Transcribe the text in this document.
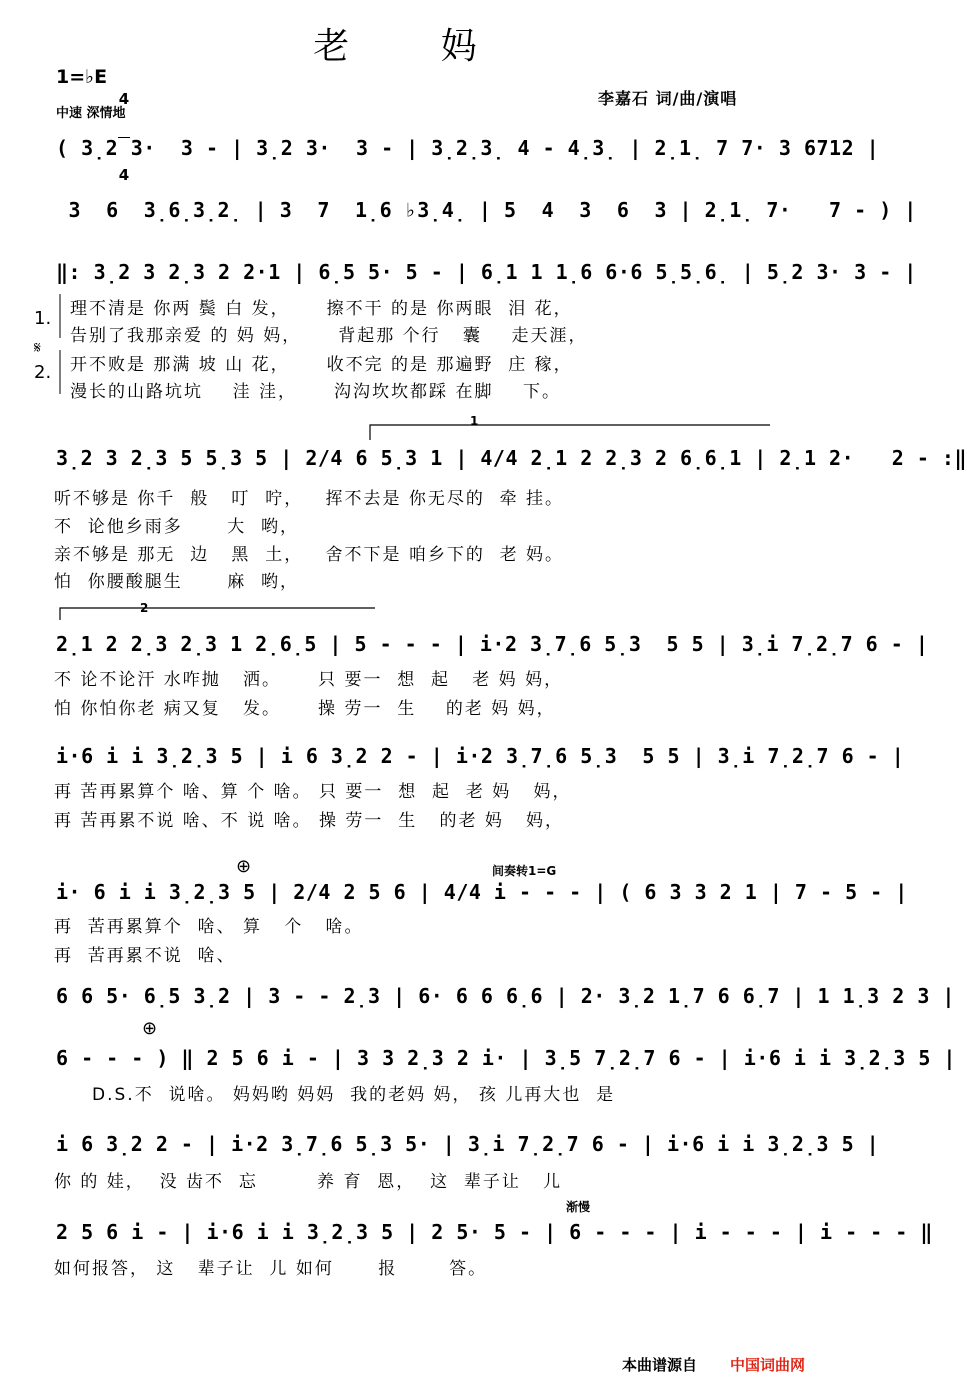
老 妈
1=♭E

4

4

中速 深情地
李嘉石 词/曲/演唱
( 3̣2 3·  3 - | 3̣2 3·  3 - | 3̣2̣3̣ 4 - 4̣3̣ | 2̣1̣ 7 7· 3 6712 |
3  6  3̣6̣3̣2̣ | 3  7  1̣6 ♭3̣4̣ | 5  4  3  6  3 | 2̣1̣ 7·   7 - ) |
‖: 3̣2 3 2̣3 2 2·1 | 6̣5 5· 5 - | 6̣1 1 1̣6 6·6 5̣5̣6̣ | 5̣2 3· 3 - |
1.
𝄋
2.
理不清是 你两 鬓 白 发，     擦不干 的是 你两眼  泪 花，
告别了我那亲爱 的 妈 妈，     背起那 个行   囊    走天涯，
开不败是 那满 坡 山 花，     收不完 的是 那遍野  庄 稼，
漫长的山路坑坑    洼 洼，     沟沟坎坎都踩 在脚    下。
1
3̣2 3 2̣3 5 5̣3 5 | 2/4 6 5̣3 1 | 4/4 2̣1 2 2̣3 2 6̣6̣1 | 2̣1 2·   2 - :‖
听不够是 你千  般   叮  咛，   挥不去是 你无尽的  牵 挂。
不  论他乡雨多      大  哟，
亲不够是 那无  边   黑  土，   舍不下是 咱乡下的  老 妈。
怕  你腰酸腿生      麻  哟，
2
2̣1 2 2̣3 2̣3 1 2̣6̣5 | 5 - - - | i·2 3̣7̣6 5̣3  5 5 | 3̣i 7̣2̣7 6 - |
不 论不论汗 水咋抛   洒。     只 要一  想  起   老 妈 妈，
怕 你怕你老 病又复   发。     操 劳一  生    的老 妈 妈，
i·6 i i 3̣2̣3 5 | i 6 3̣2 2 - | i·2 3̣7̣6 5̣3  5 5 | 3̣i 7̣2̣7 6 - |
再 苦再累算个 啥、算 个 啥。 只 要一  想  起  老 妈   妈，
再 苦再累不说 啥、不 说 啥。 操 劳一  生   的老 妈   妈，
⊕	间奏转1=G
i· 6 i i 3̣2̣3 5 | 2/4 2 5 6 | 4/4 i - - - | ( 6 3 3 2 1 | 7 - 5 - |
再  苦再累算个  啥、 算   个   啥。
再  苦再累不说  啥、
6 6 5· 6̣5 3̣2 | 3 - - 2̣3 | 6· 6 6 6̣6 | 2· 3̣2 1̣7 6 6̣7 | 1 1̣3 2 3 |
⊕
6 - - - ) ‖ 2 5 6 i - | 3 3 2̣3 2 i· | 3̣5 7̣2̣7 6 - | i·6 i i 3̣2̣3 5 |
D.S.不  说啥。 妈妈哟 妈妈  我的老妈 妈， 孩 儿再大也  是
i 6 3̣2 2 - | i·2 3̣7̣6 5̣3 5· | 3̣i 7̣2̣7 6 - | i·6 i i 3̣2̣3 5 |
你 的 娃，  没 齿不  忘        养 育  恩，  这  辈子让   儿
渐慢
2 5 6 i - | i·6 i i 3̣2̣3 5 | 2 5· 5 - | 6 - - - | i - - - | i - - - ‖
如何报答， 这   辈子让  儿 如何      报       答。
本曲谱源自 中国词曲网
